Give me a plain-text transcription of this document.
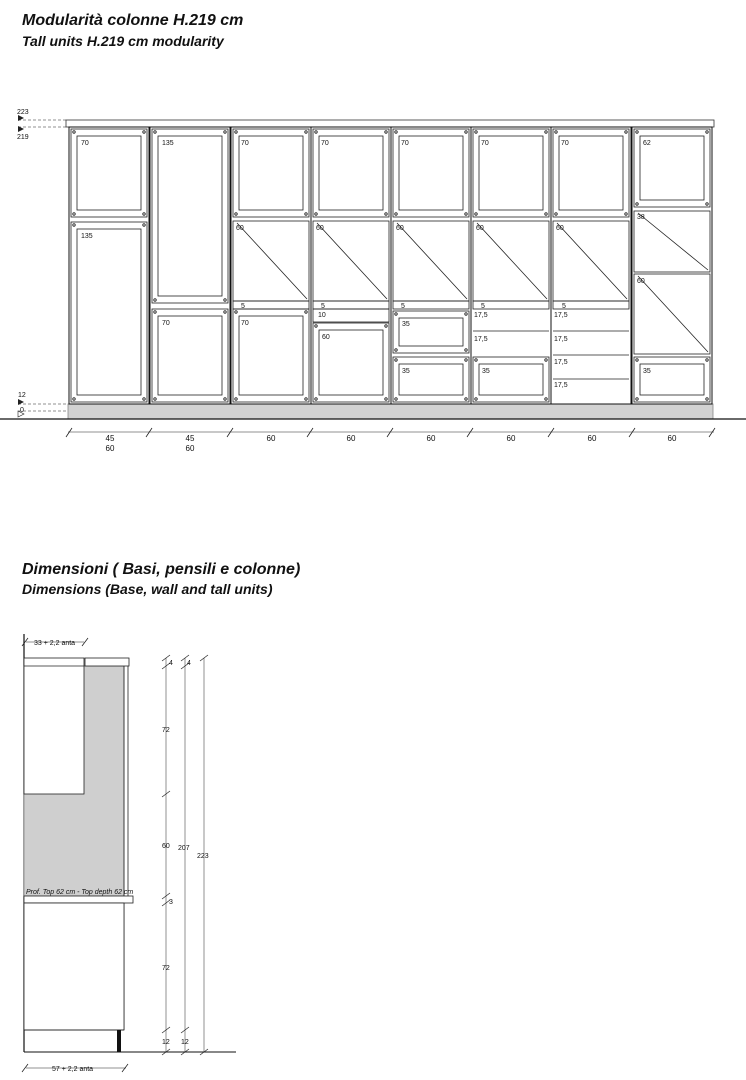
Modularità colonne H.219 cm
Tall units H.219 cm modularity
Dimensioni ( Basi, pensili e colonne)
Dimensions (Base, wall and tall units)
223
219
12
0
70
135
135
70
70
60
5
70
70
60
5
10
60
70
60
5
35
35
70
60
5
17,5
17,5
35
70
60
5
17,5
17,5
17,5
17,5
62
38
60
35
45
60
45
60
60	60	60	60	60	60
33 + 2,2 anta
57 + 2,2 anta
Prof. Top 62 cm - Top depth 62 cm
4
72
60
3
72
12
4
207
12
223
